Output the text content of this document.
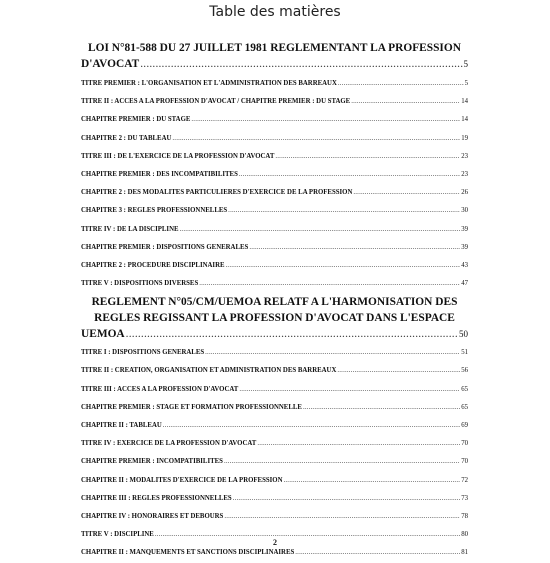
Table des matières
LOI N°81-588 DU 27 JUILLET 1981 REGLEMENTANT LA PROFESSION
D'AVOCAT .....	5
TITRE PREMIER : L'ORGANISATION ET L'ADMINISTRATION DES BARREAUX .....	5
TITRE II : ACCES A LA PROFESSION D'AVOCAT / CHAPITRE PREMIER : DU STAGE .....	14
CHAPITRE PREMIER : DU STAGE .....	14
CHAPITRE 2 : DU TABLEAU .....	19
TITRE III : DE L'EXERCICE DE LA PROFESSION D'AVOCAT .....	23
CHAPITRE PREMIER : DES INCOMPATIBILITES .....	23
CHAPITRE 2 : DES MODALITES PARTICULIERES D'EXERCICE DE LA PROFESSION .....	26
CHAPITRE 3 : REGLES PROFESSIONNELLES .....	30
TITRE IV : DE LA DISCIPLINE .....	39
CHAPITRE PREMIER : DISPOSITIONS GENERALES .....	39
CHAPITRE 2 : PROCEDURE DISCIPLINAIRE .....	43
TITRE V : DISPOSITIONS DIVERSES .....	47
REGLEMENT N°05/CM/UEMOA RELATF A L'HARMONISATION DES
REGLES REGISSANT LA PROFESSION D'AVOCAT DANS L'ESPACE
UEMOA .....	50
TITRE I : DISPOSITIONS GENERALES .....	51
TITRE II : CREATION, ORGANISATION ET ADMINISTRATION DES BARREAUX .....	56
TITRE III : ACCES A LA PROFESSION D'AVOCAT .....	65
CHAPITRE PREMIER : STAGE ET FORMATION PROFESSIONNELLE .....	65
CHAPITRE II : TABLEAU .....	69
TITRE IV : EXERCICE DE LA PROFESSION D'AVOCAT .....	70
CHAPITRE PREMIER : INCOMPATIBILITES .....	70
CHAPITRE II : MODALITES D'EXERCICE DE LA PROFESSION .....	72
CHAPITRE III : REGLES PROFESSIONNELLES .....	73
CHAPITRE IV : HONORAIRES ET DEBOURS .....	78
TITRE V : DISCIPLINE .....	80
CHAPITRE II : MANQUEMENTS ET SANCTIONS DISCIPLINAIRES .....	81
2
